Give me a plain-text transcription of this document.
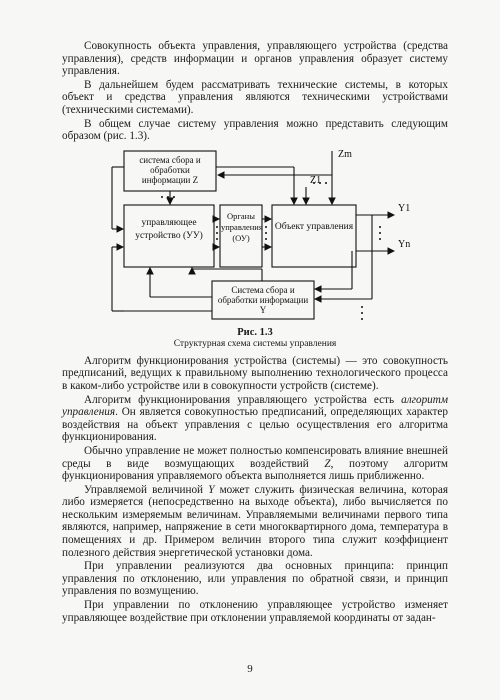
Совокупность объекта управления, управляющего устройства (средства управления), средств информации и органов управления образует систему управления.

В дальнейшем будем рассматривать технические системы, в которых объект и средства управления являются техническими устройствами (техническими системами).

В общем случае систему управления можно представить следующим образом (рис. 1.3).

система сбора и обработки информации Z
управляющее устройство (УУ)
Органы управления (ОУ)
Объект управления
Система сбора и обработки информации Y
Zm
Z1
Y1
Yn
Рис. 1.3
Структурная схема системы управления

Алгоритм функционирования устройства (системы) — это совокупность предписаний, ведущих к правильному выполнению технологического процесса в каком-либо устройстве или в совокупности устройств (системе).

Алгоритм функционирования управляющего устройства есть алгоритм управления. Он является совокупностью предписаний, определяющих характер воздействия на объект управления с целью осуществления его алгоритма функционирования.

Обычно управление не может полностью компенсировать влияние внешней среды в виде возмущающих воздействий Z, поэтому алгоритм функционирования управляемого объекта выполняется лишь приближенно.

Управляемой величиной Y может служить физическая величина, которая либо измеряется (непосредственно на выходе объекта), либо вычисляется по нескольким измеряемым величинам. Управляемыми величинами первого типа являются, например, напряжение в сети многоквартирного дома, температура в помещениях и др. Примером величин второго типа служит коэффициент полезного действия энергетической установки дома.

При управлении реализуются два основных принципа: принцип управления по отклонению, или управления по обратной связи, и принцип управления по возмущению.

При управлении по отклонению управляющее устройство изменяет управляющее воздействие при отклонении управляемой координаты от задан-

9
